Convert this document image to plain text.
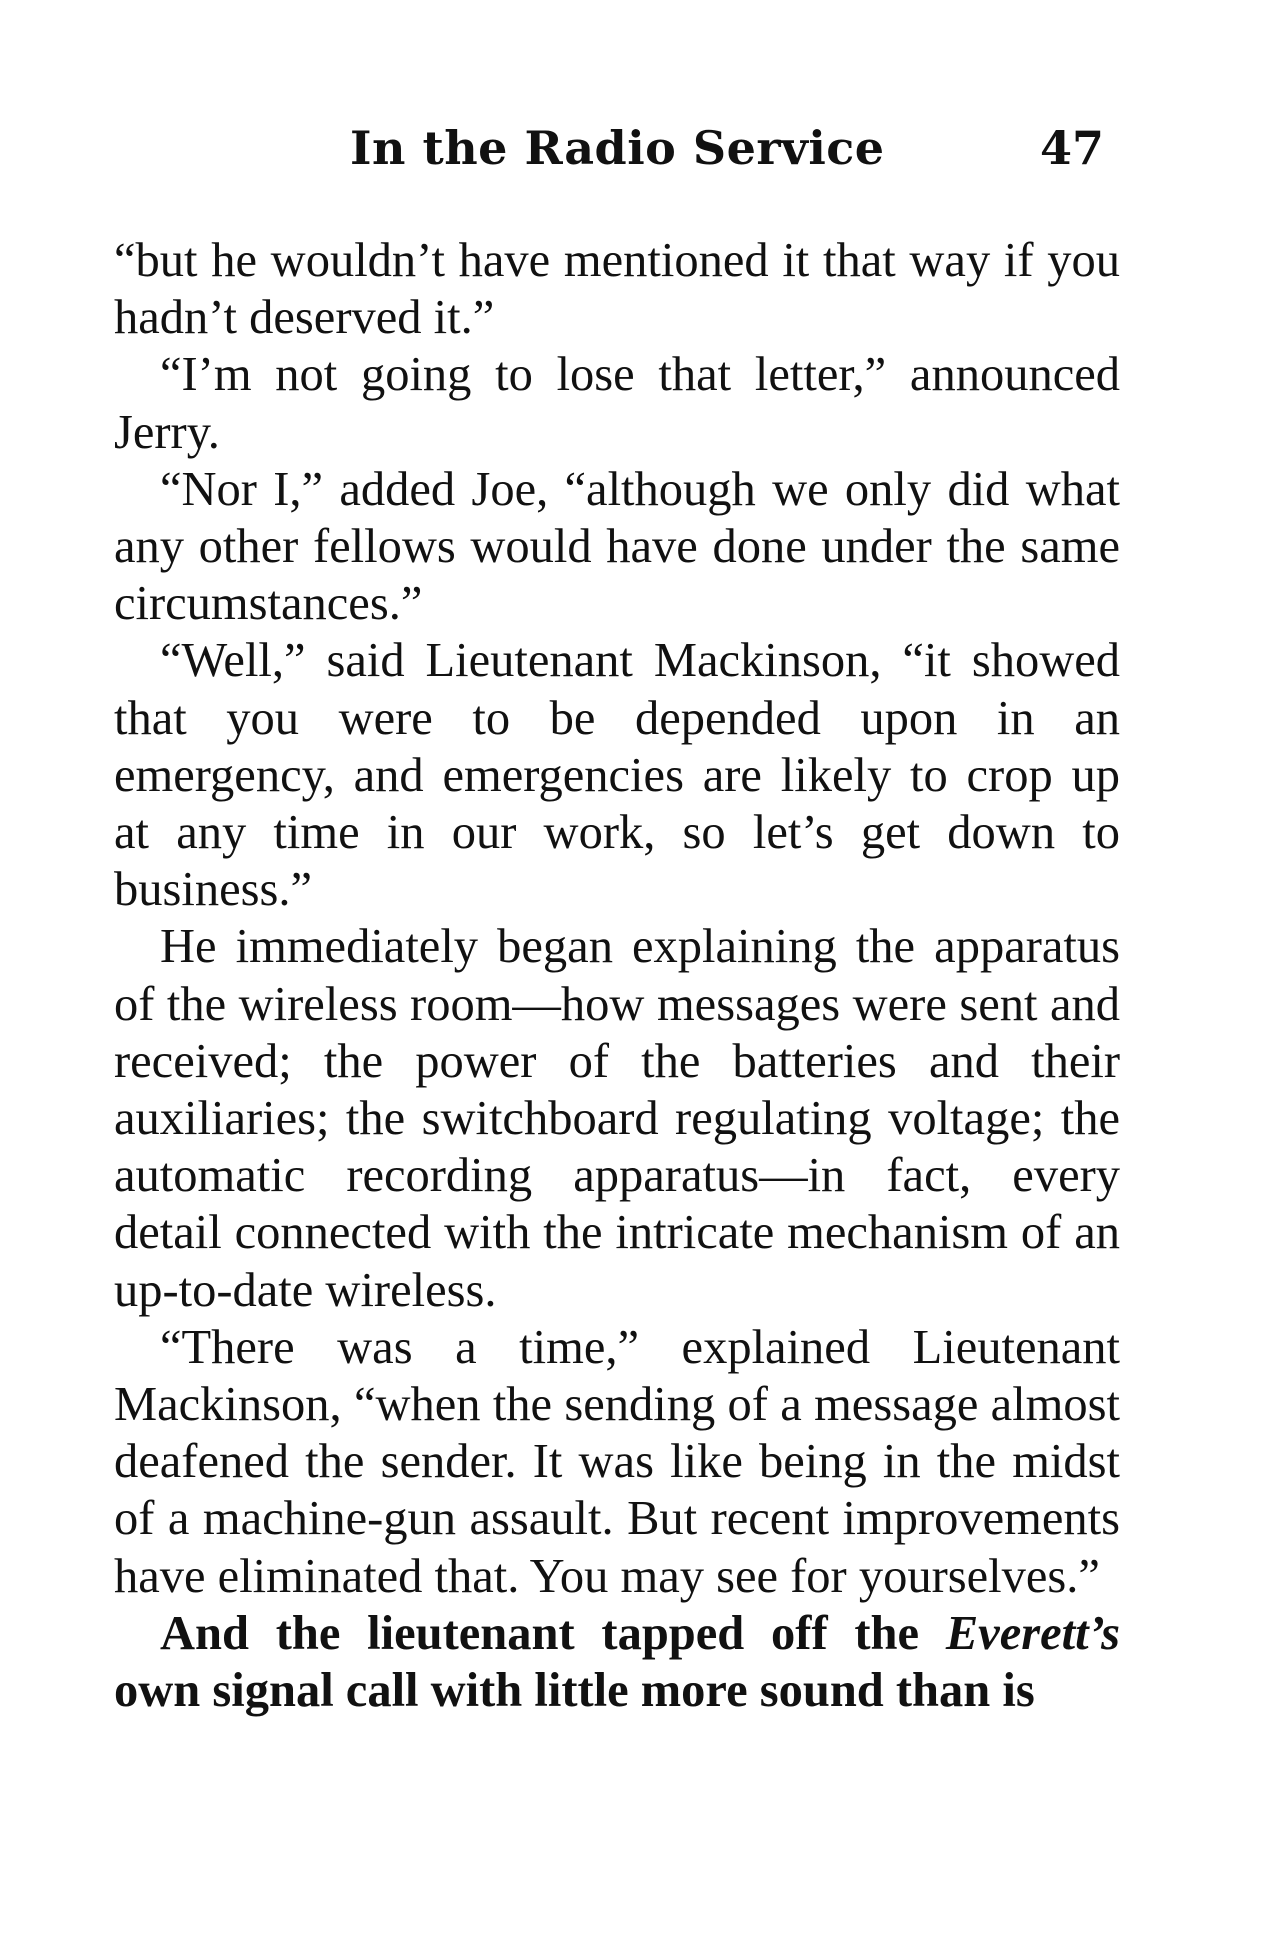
In the Radio Service	47

“but he wouldn’t have mentioned it that way if you hadn’t deserved it.”

“I’m not going to lose that letter,” announced Jerry.

“Nor I,” added Joe, “although we only did what any other fellows would have done under the same circumstances.”

“Well,” said Lieutenant Mackinson, “it showed that you were to be depended upon in an emergency, and emergencies are likely to crop up at any time in our work, so let’s get down to business.”

He immediately began explaining the apparatus of the wireless room—how messages were sent and received; the power of the batteries and their auxiliaries; the switchboard regulating voltage; the automatic recording apparatus—in fact, every detail connected with the intricate mechanism of an up-to-date wireless.

“There was a time,” explained Lieutenant Mackinson, “when the sending of a message almost deafened the sender. It was like being in the midst of a machine-gun assault. But recent improvements have eliminated that. You may see for yourselves.”

And the lieutenant tapped off the Everett’s own signal call with little more sound than is
